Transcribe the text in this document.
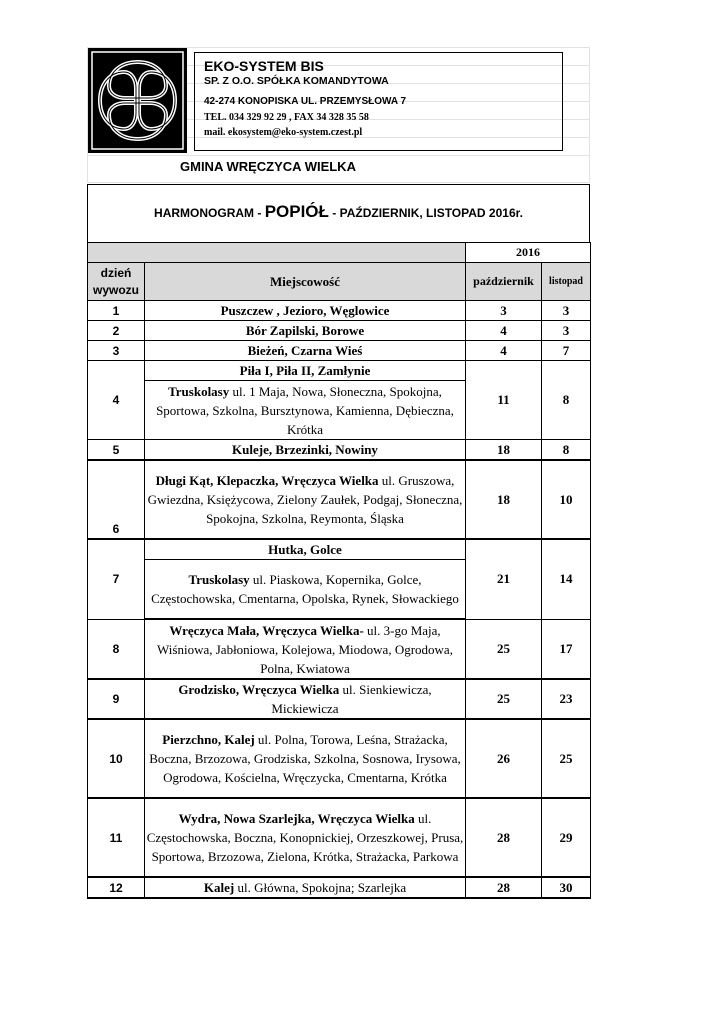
EKO-SYSTEM BIS
SP. Z O.O. SPÓŁKA KOMANDYTOWA
42-274 KONOPISKA UL. PRZEMYSŁOWA 7
TEL. 034 329 92 29 , FAX 34 328 35 58
mail. ekosystem@eko-system.czest.pl
GMINA WRĘCZYCA WIELKA
HARMONOGRAM - POPIÓŁ - PAŹDZIERNIK, LISTOPAD 2016r.
		2016	
dzień
wywozu	Miejscowość	październik	listopad
1	Puszczew , Jezioro, Węglowice	3	3
2	Bór Zapilski, Borowe	4	3
3	Bieżeń, Czarna Wieś	4	7
4	Piła I, Piła II, Zamłynie	11	8
	Truskolasy ul. 1 Maja, Nowa, Słoneczna, Spokojna, Sportowa, Szkolna, Bursztynowa, Kamienna, Dębieczna, Krótka		
5	Kuleje, Brzezinki, Nowiny	18	8
6	Długi Kąt, Klepaczka, Wręczyca Wielka ul. Gruszowa, Gwiezdna, Księżycowa, Zielony Zaułek, Podgaj, Słoneczna, Spokojna, Szkolna, Reymonta, Śląska	18	10
7	Hutka, Golce	21	14
	Truskolasy ul. Piaskowa, Kopernika, Golce, Częstochowska, Cmentarna, Opolska, Rynek, Słowackiego		
8	Wręczyca Mała, Wręczyca Wielka- ul. 3-go Maja, Wiśniowa, Jabłoniowa, Kolejowa, Miodowa, Ogrodowa, Polna, Kwiatowa	25	17
9	Grodzisko, Wręczyca Wielka ul. Sienkiewicza, Mickiewicza	25	23
10	Pierzchno, Kalej ul. Polna, Torowa, Leśna, Strażacka, Boczna, Brzozowa, Grodziska, Szkolna, Sosnowa, Irysowa, Ogrodowa, Kościelna, Wręczycka, Cmentarna, Krótka	26	25
11	Wydra, Nowa Szarlejka, Wręczyca Wielka ul. Częstochowska, Boczna, Konopnickiej, Orzeszkowej, Prusa, Sportowa, Brzozowa, Zielona, Krótka, Strażacka, Parkowa	28	29
12	Kalej ul. Główna, Spokojna; Szarlejka	28	30
